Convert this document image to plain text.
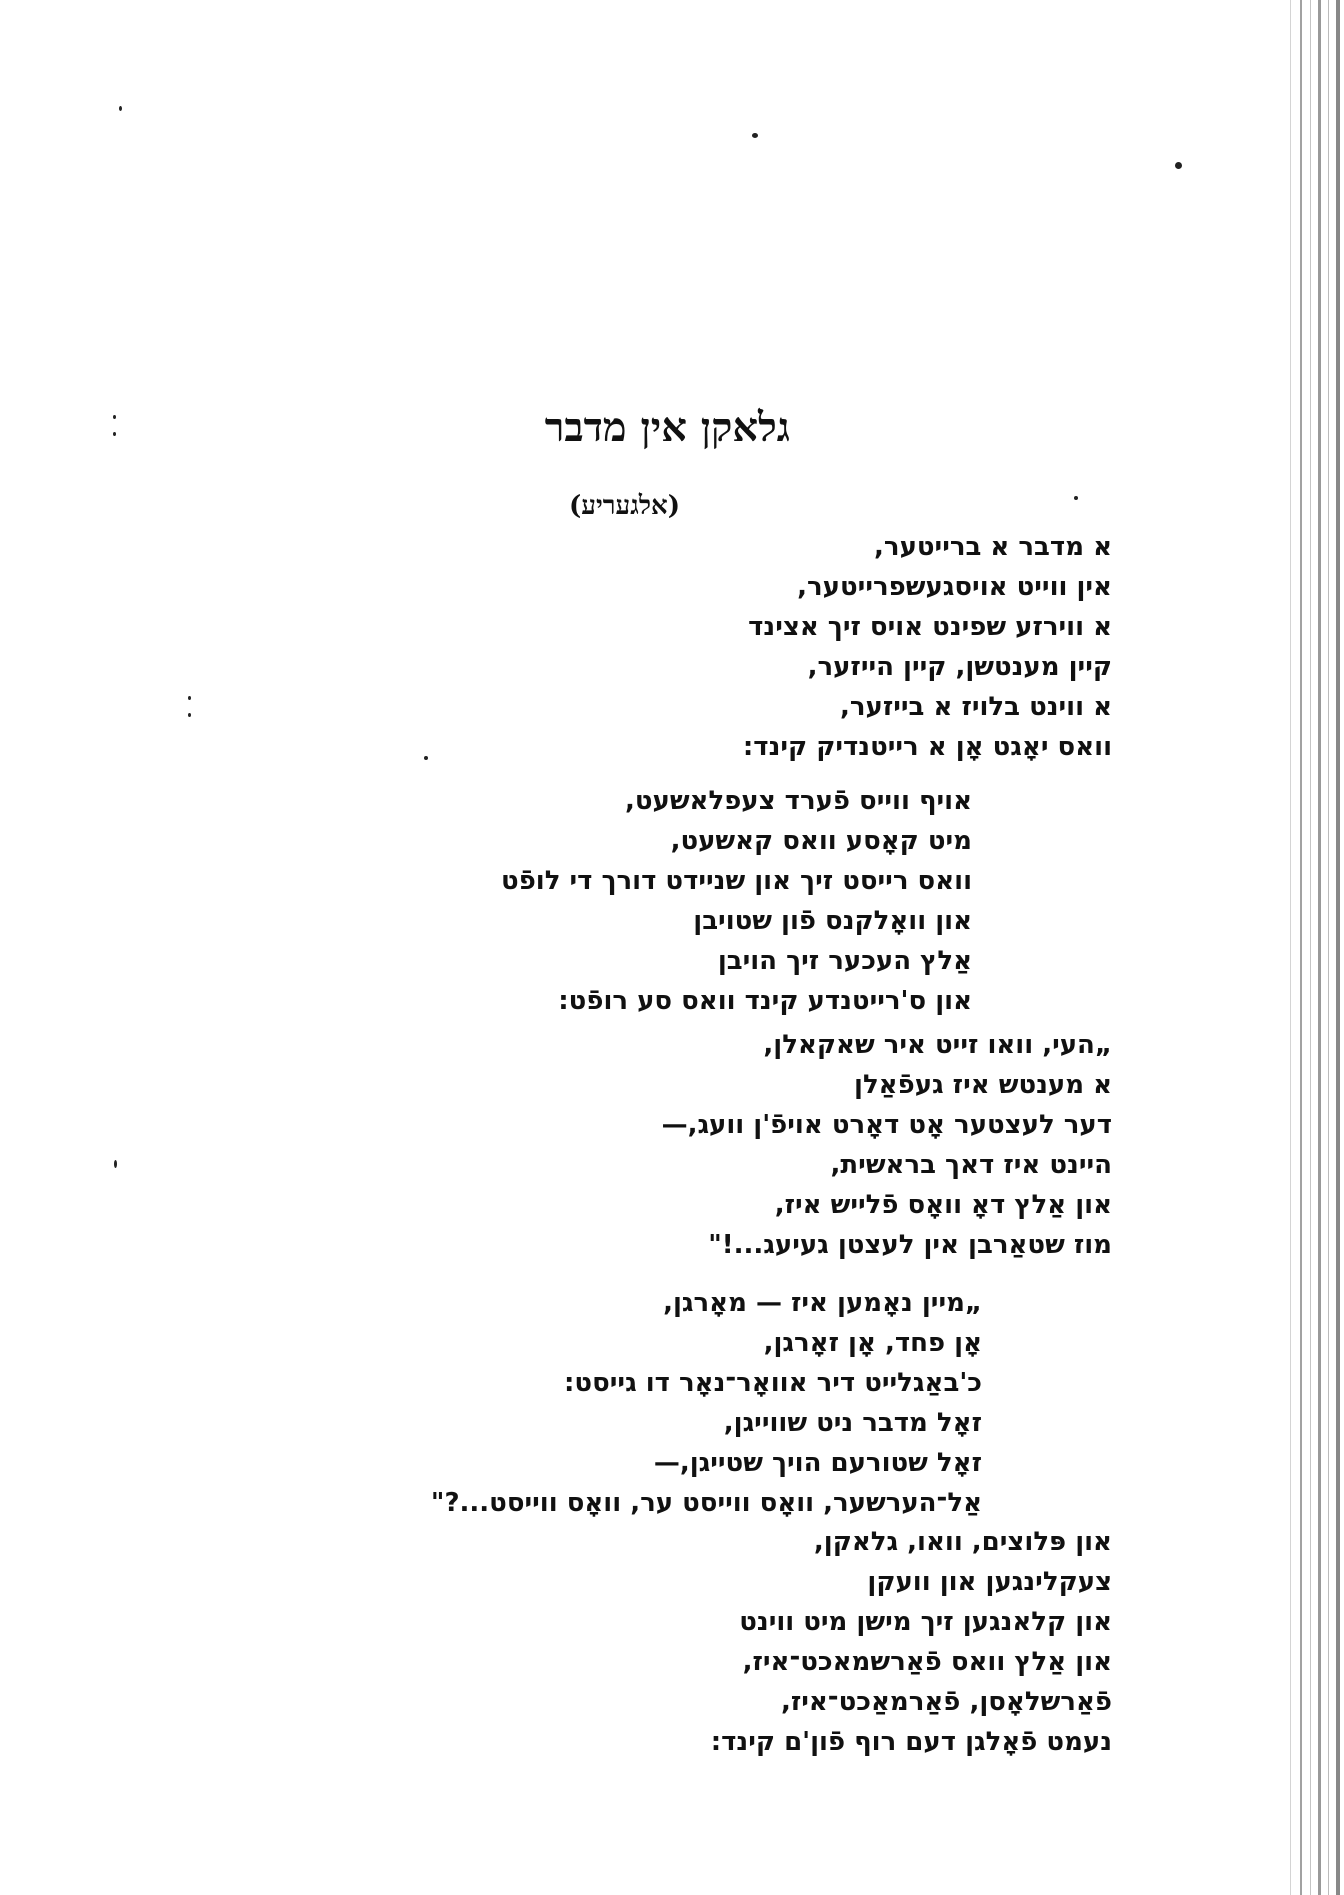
גלאקן אין מדבר
(אלגעריע)
א מדבר א ברייטער,
אין ווייט אויסגעשפרייטער,
א ווירזע שפינט אויס זיך אצינד
קיין מענטשן, קיין הייזער,
א ווינט בלויז א בייזער,
וואס יאָגט אָן א רייטנדיק קינד:
אויף ווייס פֿערד צעפלאשעט,
מיט קאָסע וואס קאשעט,
וואס רייסט זיך און שניידט דורך די לופֿט
און וואָלקנס פֿון שטויבן
אַלץ העכער זיך הויבן
און ס'רייטנדע קינד וואס סע רופֿט:
„העי, וואו זייט איר שאקאלן,
א מענטש איז געפֿאַלן
דער לעצטער אָט דאָרט אויפֿ'ן וועג,—
היינט איז דאך בראשית,
און אַלץ דאָ וואָס פֿלייש איז,
מוז שטאַרבן אין לעצטן געיעג...!"
„מיין נאָמען איז — מאָרגן,
אָן פחד, אָן זאָרגן,
כ'באַגלייט דיר אוואָר־נאָר דו גייסט:
זאָל מדבר ניט שווייגן,
זאָל שטורעם הויך שטייגן,—
אַל־הערשער, וואָס ווייסט ער, וואָס ווייסט...?"
און פּלוצים, וואו, גלאקן,
צעקלינגען און וועקן
און קלאנגען זיך מישן מיט ווינט
און אַלץ וואס פֿאַרשמאכט־איז,
פֿאַרשלאָסן, פֿאַרמאַכט־איז,
נעמט פֿאָלגן דעם רוף פֿון'ם קינד:
